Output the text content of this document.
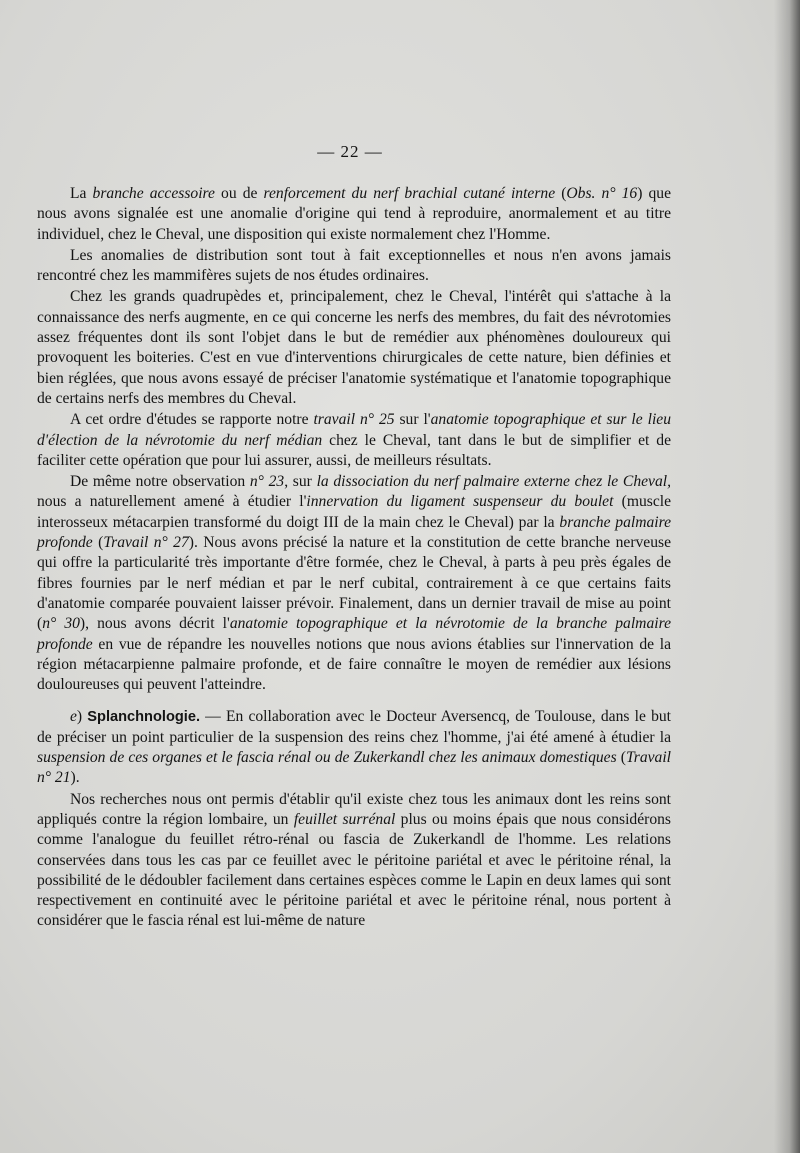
— 22 —

La branche accessoire ou de renforcement du nerf brachial cutané interne (Obs. n° 16) que nous avons signalée est une anomalie d'origine qui tend à reproduire, anormalement et au titre individuel, chez le Cheval, une disposition qui existe normalement chez l'Homme.

Les anomalies de distribution sont tout à fait exceptionnelles et nous n'en avons jamais rencontré chez les mammifères sujets de nos études ordinaires.

Chez les grands quadrupèdes et, principalement, chez le Cheval, l'intérêt qui s'attache à la connaissance des nerfs augmente, en ce qui concerne les nerfs des membres, du fait des névrotomies assez fréquentes dont ils sont l'objet dans le but de remédier aux phénomènes douloureux qui provoquent les boiteries. C'est en vue d'interventions chirurgicales de cette nature, bien définies et bien réglées, que nous avons essayé de préciser l'anatomie systématique et l'anatomie topographique de certains nerfs des membres du Cheval.

A cet ordre d'études se rapporte notre travail n° 25 sur l'anatomie topographique et sur le lieu d'élection de la névrotomie du nerf médian chez le Cheval, tant dans le but de simplifier et de faciliter cette opération que pour lui assurer, aussi, de meilleurs résultats.

De même notre observation n° 23, sur la dissociation du nerf palmaire externe chez le Cheval, nous a naturellement amené à étudier l'innervation du ligament suspenseur du boulet (muscle interosseux métacarpien transformé du doigt III de la main chez le Cheval) par la branche palmaire profonde (Travail n° 27). Nous avons précisé la nature et la constitution de cette branche nerveuse qui offre la particularité très importante d'être formée, chez le Cheval, à parts à peu près égales de fibres fournies par le nerf médian et par le nerf cubital, contrairement à ce que certains faits d'anatomie comparée pouvaient laisser prévoir. Finalement, dans un dernier travail de mise au point (n° 30), nous avons décrit l'anatomie topographique et la névrotomie de la branche palmaire profonde en vue de répandre les nouvelles notions que nous avions établies sur l'innervation de la région métacarpienne palmaire profonde, et de faire connaître le moyen de remédier aux lésions douloureuses qui peuvent l'atteindre.

e) Splanchnologie. — En collaboration avec le Docteur Aversencq, de Toulouse, dans le but de préciser un point particulier de la suspension des reins chez l'homme, j'ai été amené à étudier la suspension de ces organes et le fascia rénal ou de Zukerkandl chez les animaux domestiques (Travail n° 21).

Nos recherches nous ont permis d'établir qu'il existe chez tous les animaux dont les reins sont appliqués contre la région lombaire, un feuillet surrénal plus ou moins épais que nous considérons comme l'analogue du feuillet rétro-rénal ou fascia de Zukerkandl de l'homme. Les relations conservées dans tous les cas par ce feuillet avec le péritoine pariétal et avec le péritoine rénal, la possibilité de le dédoubler facilement dans certaines espèces comme le Lapin en deux lames qui sont respectivement en continuité avec le péritoine pariétal et avec le péritoine rénal, nous portent à considérer que le fascia rénal est lui-même de nature
